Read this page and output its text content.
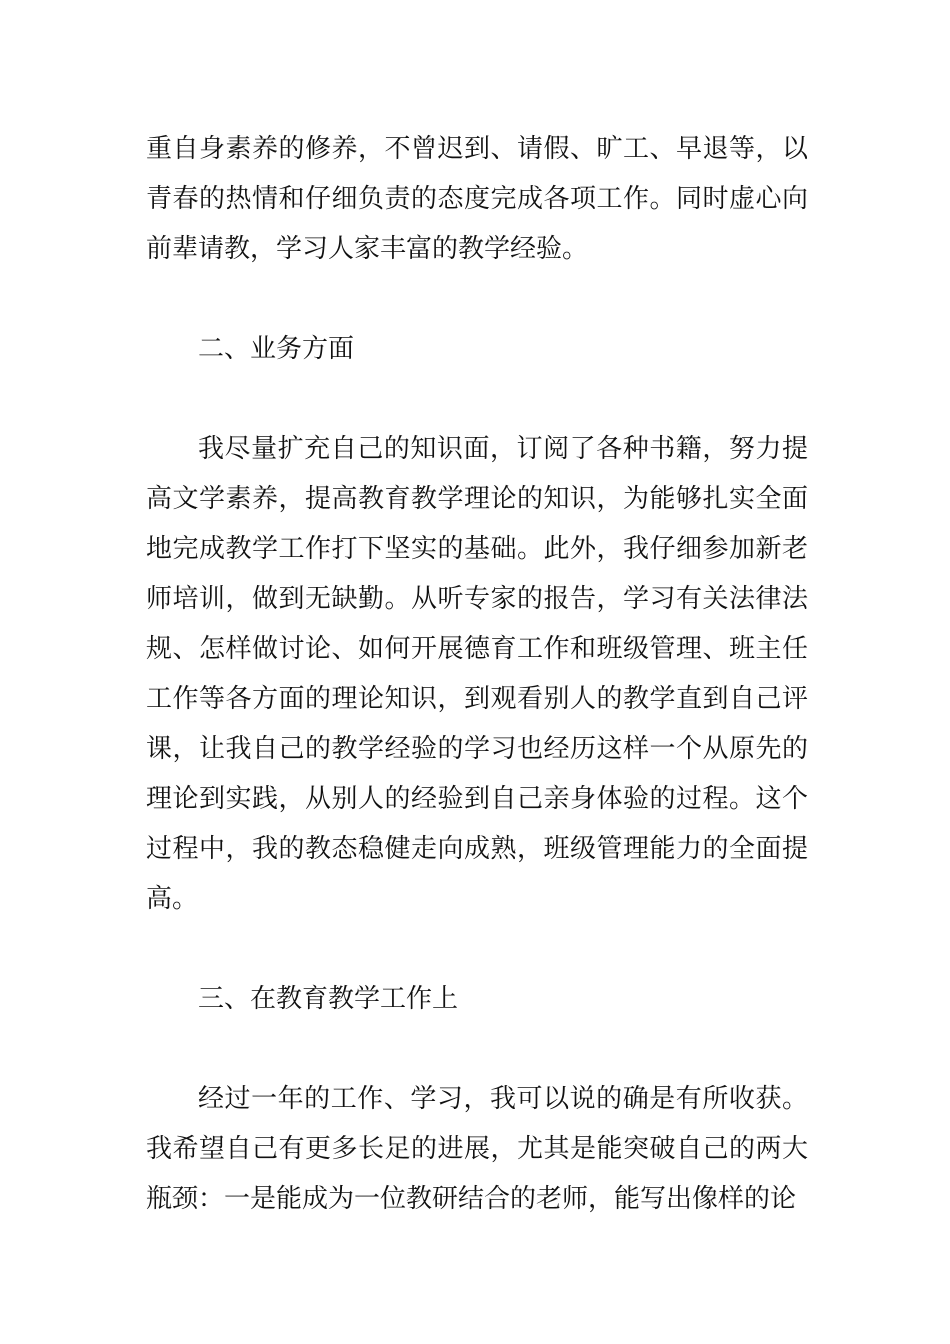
重自身素养的修养，不曾迟到、请假、旷工、早退等，以青春的热情和仔细负责的态度完成各项工作。同时虚心向前辈请教，学习人家丰富的教学经验。

二、业务方面

我尽量扩充自己的知识面，订阅了各种书籍，努力提高文学素养，提高教育教学理论的知识，为能够扎实全面地完成教学工作打下坚实的基础。此外，我仔细参加新老师培训，做到无缺勤。从听专家的报告，学习有关法律法规、怎样做讨论、如何开展德育工作和班级管理、班主任工作等各方面的理论知识，到观看别人的教学直到自己评课，让我自己的教学经验的学习也经历这样一个从原先的理论到实践，从别人的经验到自己亲身体验的过程。这个过程中，我的教态稳健走向成熟，班级管理能力的全面提高。

三、在教育教学工作上

经过一年的工作、学习，我可以说的确是有所收获。我希望自己有更多长足的进展，尤其是能突破自己的两大瓶颈：一是能成为一位教研结合的老师，能写出像样的论
